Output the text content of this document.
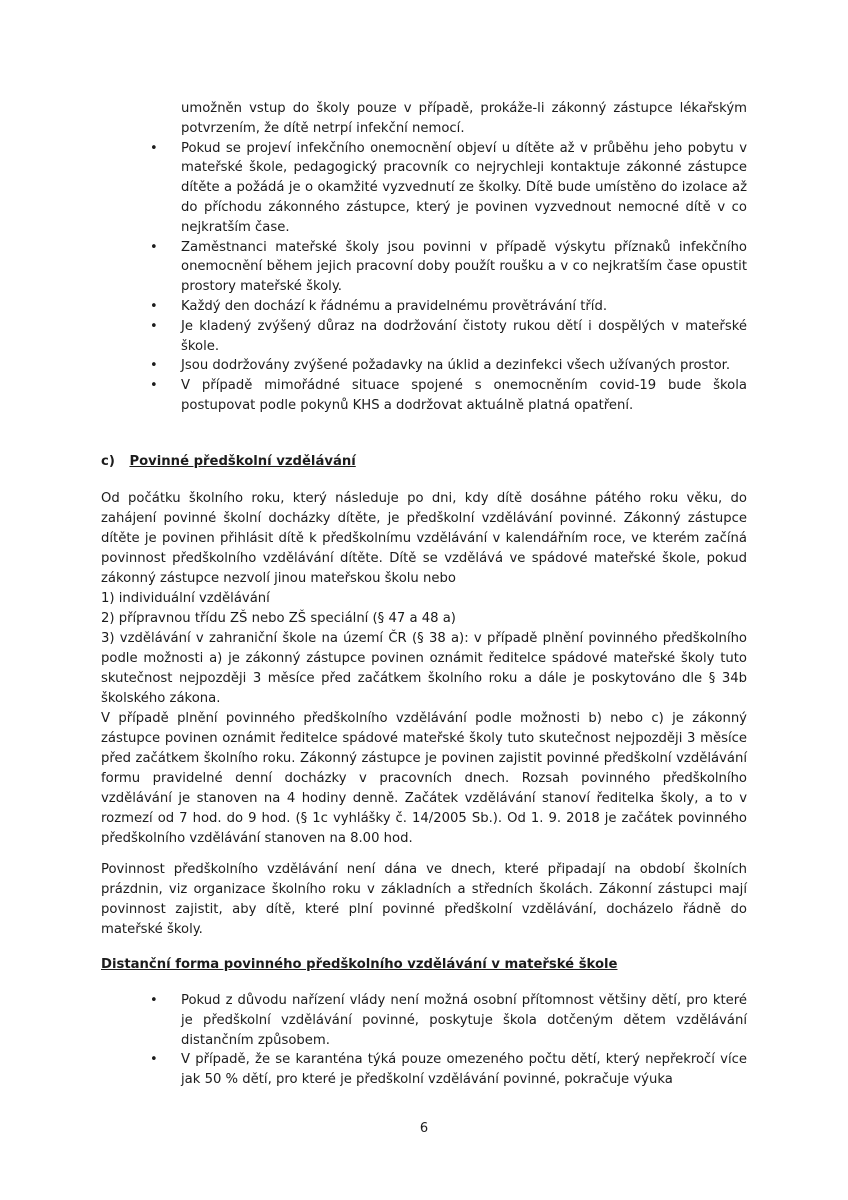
umožněn vstup do školy pouze v případě, prokáže-li zákonný zástupce lékařským potvrzením, že dítě netrpí infekční nemocí.
• Pokud se projeví infekčního onemocnění objeví u dítěte až v průběhu jeho pobytu v mateřské škole, pedagogický pracovník co nejrychleji kontaktuje zákonné zástupce dítěte a požádá je o okamžité vyzvednutí ze školky. Dítě bude umístěno do izolace až do příchodu zákonného zástupce, který je povinen vyzvednout nemocné dítě v co nejkratším čase.
• Zaměstnanci mateřské školy jsou povinni v případě výskytu příznaků infekčního onemocnění během jejich pracovní doby použít roušku a v co nejkratším čase opustit prostory mateřské školy.
• Každý den dochází k řádnému a pravidelnému provětrávání tříd.
• Je kladený zvýšený důraz na dodržování čistoty rukou dětí i dospělých v mateřské škole.
• Jsou dodržovány zvýšené požadavky na úklid a dezinfekci všech užívaných prostor.
• V případě mimořádné situace spojené s onemocněním covid-19 bude škola postupovat podle pokynů KHS a dodržovat aktuálně platná opatření.
c) Povinné předškolní vzdělávání

Od počátku školního roku, který následuje po dni, kdy dítě dosáhne pátého roku věku, do zahájení povinné školní docházky dítěte, je předškolní vzdělávání povinné. Zákonný zástupce dítěte je povinen přihlásit dítě k předškolnímu vzdělávání v kalendářním roce, ve kterém začíná povinnost předškolního vzdělávání dítěte. Dítě se vzdělává ve spádové mateřské škole, pokud zákonný zástupce nezvolí jinou mateřskou školu nebo
1) individuální vzdělávání
2) přípravnou třídu ZŠ nebo ZŠ speciální (§ 47 a 48 a)
3) vzdělávání v zahraniční škole na území ČR (§ 38 a): v případě plnění povinného předškolního podle možnosti a) je zákonný zástupce povinen oznámit ředitelce spádové mateřské školy tuto skutečnost nejpozději 3 měsíce před začátkem školního roku a dále je poskytováno dle § 34b školského zákona.
V případě plnění povinného předškolního vzdělávání podle možnosti b) nebo c) je zákonný zástupce povinen oznámit ředitelce spádové mateřské školy tuto skutečnost nejpozději 3 měsíce před začátkem školního roku. Zákonný zástupce je povinen zajistit povinné předškolní vzdělávání formu pravidelné denní docházky v pracovních dnech. Rozsah povinného předškolního vzdělávání je stanoven na 4 hodiny denně. Začátek vzdělávání stanoví ředitelka školy, a to v rozmezí od 7 hod. do 9 hod. (§ 1c vyhlášky č. 14/2005 Sb.). Od 1. 9. 2018 je začátek povinného předškolního vzdělávání stanoven na 8.00 hod.

Povinnost předškolního vzdělávání není dána ve dnech, které připadají na období školních prázdnin, viz organizace školního roku v základních a středních školách. Zákonní zástupci mají povinnost zajistit, aby dítě, které plní povinné předškolní vzdělávání, docházelo řádně do mateřské školy.

Distanční forma povinného předškolního vzdělávání v mateřské škole
• Pokud z důvodu nařízení vlády není možná osobní přítomnost většiny dětí, pro které je předškolní vzdělávání povinné, poskytuje škola dotčeným dětem vzdělávání distančním způsobem.
• V případě, že se karanténa týká pouze omezeného počtu dětí, který nepřekročí více jak 50 % dětí, pro které je předškolní vzdělávání povinné, pokračuje výuka
6
